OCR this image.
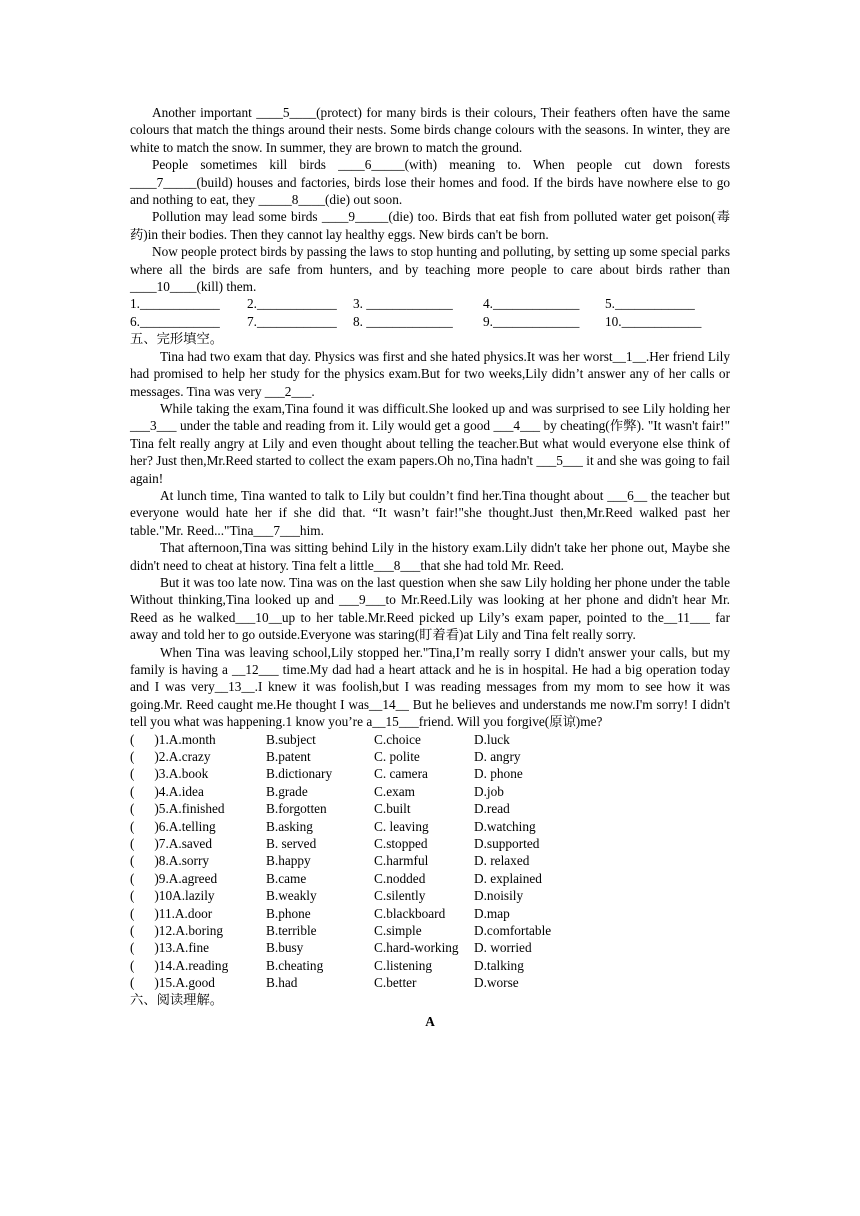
Another important ____5____(protect) for many birds is their colours, Their feathers often have the same colours that match the things around their nests. Some birds change colours with the seasons. In winter, they are white to match the snow. In summer, they are brown to match the ground.

People sometimes kill birds ____6_____(with) meaning to. When people cut down forests ____7_____(build) houses and factories, birds lose their homes and food. If the birds have nowhere else to go and nothing to eat, they _____8____(die) out soon.

Pollution may lead some birds ____9_____(die) too. Birds that eat fish from polluted water get poison(毒药)in their bodies. Then they cannot lay healthy eggs. New birds can't be born.

Now people protect birds by passing the laws to stop hunting and polluting, by setting up some special parks where all the birds are safe from hunters, and by teaching more people to care about birds rather than ____10____(kill) them.

1.____________	2.____________	3. _____________	4._____________	5.____________
6.____________	7.____________	8. _____________	9._____________	10.____________

五、完形填空。

Tina had two exam that day. Physics was first and she hated physics.It was her worst__1__.Her friend Lily had promised to help her study for the physics exam.But for two weeks,Lily didn’t answer any of her calls or messages. Tina was very ___2___.

While taking the exam,Tina found it was difficult.She looked up and was surprised to see Lily holding her ___3___ under the table and reading from it. Lily would get a good ___4___ by cheating(作弊). "It wasn't fair!" Tina felt really angry at Lily and even thought about telling the teacher.But what would everyone else think of her? Just then,Mr.Reed started to collect the exam papers.Oh no,Tina hadn't ___5___ it and she was going to fail again!

At lunch time, Tina wanted to talk to Lily but couldn’t find her.Tina thought about ___6__ the teacher but everyone would hate her if she did that. “It wasn’t fair!"she thought.Just then,Mr.Reed walked past her table."Mr. Reed..."Tina___7___him.

That afternoon,Tina was sitting behind Lily in the history exam.Lily didn't take her phone out, Maybe she didn't need to cheat at history. Tina felt a little___8___that she had told Mr. Reed.

But it was too late now. Tina was on the last question when she saw Lily holding her phone under the table Without thinking,Tina looked up and ___9___to Mr.Reed.Lily was looking at her phone and didn't hear Mr. Reed as he walked___10__up to her table.Mr.Reed picked up Lily’s exam paper, pointed to the__11___ far away and told her to go outside.Everyone was staring(盯着看)at Lily and Tina felt really sorry.

When Tina was leaving school,Lily stopped her."Tina,I’m really sorry I didn't answer your calls, but my family is having a __12___ time.My dad had a heart attack and he is in hospital. He had a big operation today and I was very__13__.I knew it was foolish,but I was reading messages from my mom to see how it was going.Mr. Reed caught me.He thought I was__14__ But he believes and understands me now.I'm sorry! I didn't tell you what was happening.1 know you’re a__15___friend. Will you forgive(原谅)me?

(      )1.A.month	B.subject	C.choice	D.luck
(      )2.A.crazy	B.patent	C. polite	D. angry
(      )3.A.book	B.dictionary	C. camera	D. phone
(      )4.A.idea	B.grade	C.exam	D.job
(      )5.A.finished	B.forgotten	C.built	D.read
(      )6.A.telling	B.asking	C. leaving	D.watching
(      )7.A.saved	B. served	C.stopped	D.supported
(      )8.A.sorry	B.happy	C.harmful	D. relaxed
(      )9.A.agreed	B.came	C.nodded	D. explained
(      )10A.lazily	B.weakly	C.silently	D.noisily
(      )11.A.door	B.phone	C.blackboard	D.map
(      )12.A.boring	B.terrible	C.simple	D.comfortable
(      )13.A.fine	B.busy	C.hard-working	D. worried
(      )14.A.reading	B.cheating	C.listening	D.talking
(      )15.A.good	B.had	C.better	D.worse

六、阅读理解。

A
